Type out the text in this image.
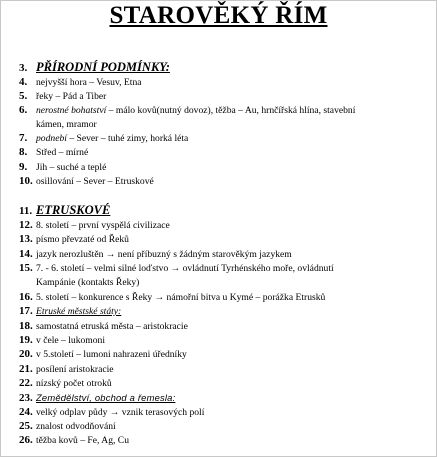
STAROVĚKÝ ŘÍM
3. PŘÍRODNÍ PODMÍNKY:
4. nejvyšší hora – Vesuv, Etna
5. řeky – Pád a Tiber
6. nerostné bohatství – málo kovů(nutný dovoz), těžba – Au, hrnčířská hlína, stavební
kámen, mramor
7. podnebí – Sever – tuhé zimy, horká léta
8. Střed – mírné
9. Jih – suché a teplé
10. osillování – Sever – Etruskové
11. ETRUSKOVÉ
12. 8. století – první vyspělá civilizace
13. písmo převzaté od Řeků
14. jazyk nerozluštěn → není příbuzný s žádným starověkým jazykem
15. 7. - 6. století – velmi silné loďstvo → ovládnutí Tyrhénského moře, ovládnutí
Kampánie (kontakts Řeky)
16. 5. století – konkurence s Řeky → námořní bitva u Kymé – porážka Etrusků
17. Etruské městské státy:
18. samostatná etruská města – aristokracie
19. v čele – lukomoni
20. v 5.století – lumoni nahrazeni úředníky
21. posílení aristokracie
22. nízský počet otroků
23. Zemědělství, obchod a řemesla:
24. velký odplav půdy → vznik terasových polí
25. znalost odvodňování
26. těžba kovů – Fe, Ag, Cu
